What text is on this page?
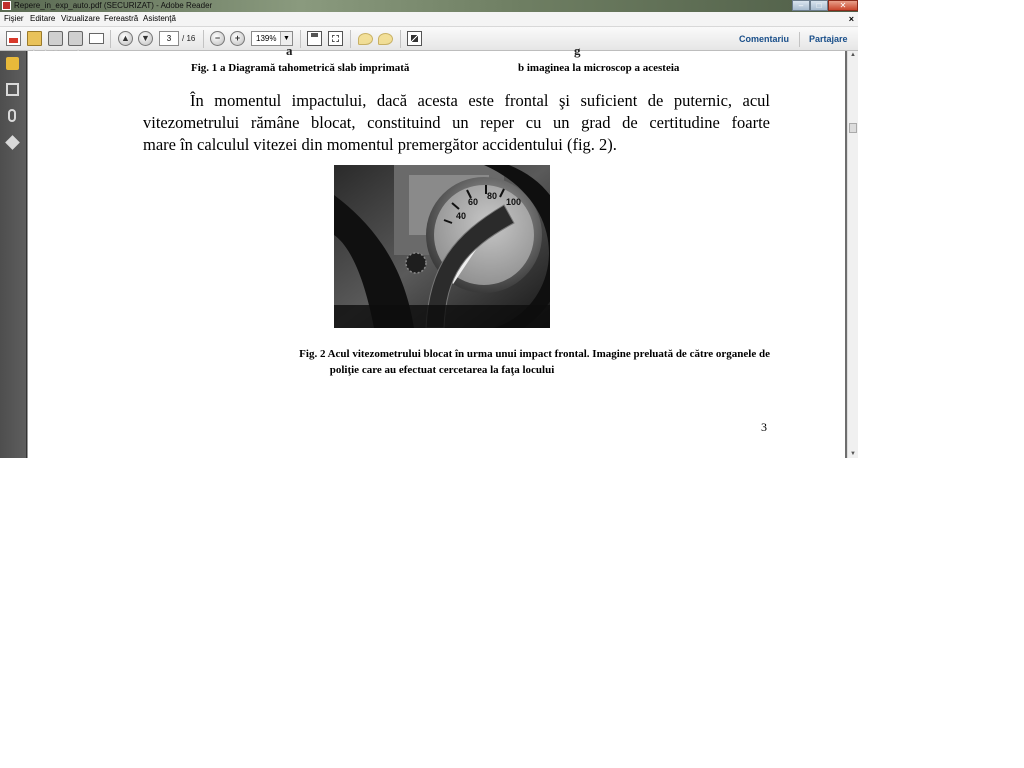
Repere_in_exp_auto.pdf (SECURIZAT) - Adobe Reader	–	□	✕
Fişier Editare Vizualizare Fereastră Asistenţă	×
▲	▼	3	/ 16	−	+	139% ▼	Comentariu Partajare
a	g
Fig. 1 a Diagramă tahometrică slab imprimată	b imaginea la microscop a acesteia
În momentul impactului, dacă acesta este frontal şi suficient de puternic, acul
vitezometrului rămâne blocat, constituind un reper cu un grad de certitudine foarte
mare în calculul vitezei din momentul premergător accidentului (fig. 2).
40
60
80
100
Fig. 2 Acul vitezometrului blocat în urma unui impact frontal. Imagine preluată de către organele de
poliţie care au efectuat cercetarea la faţa locului
3
▲
▼
